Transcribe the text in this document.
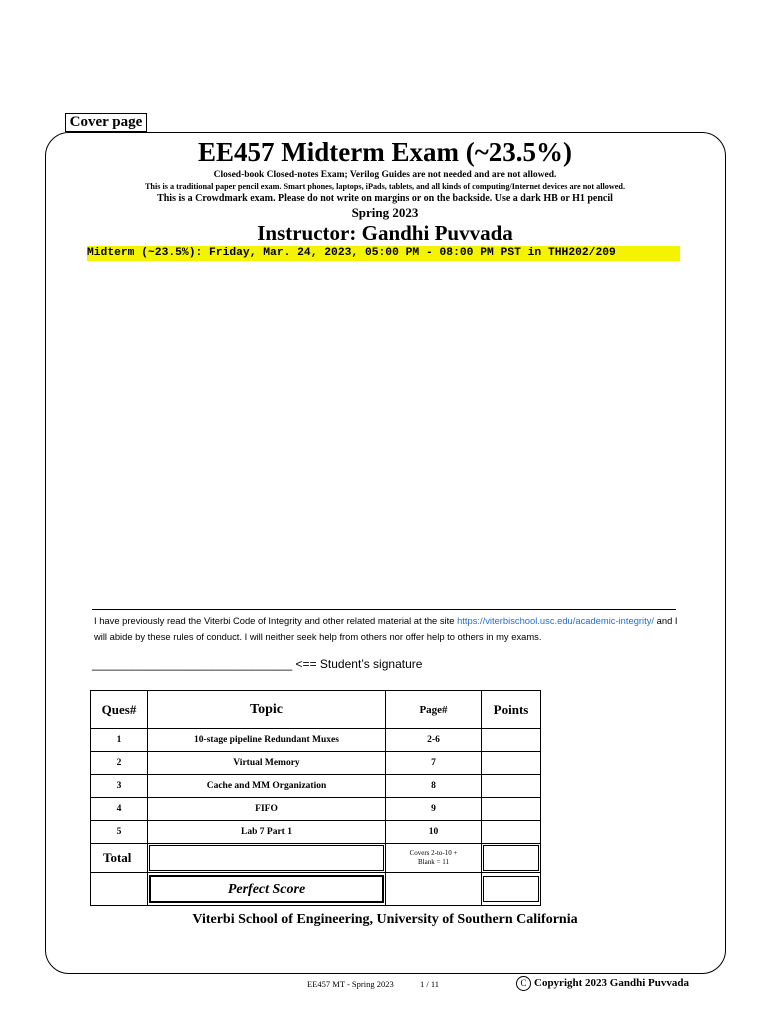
Cover page
EE457 Midterm Exam (~23.5%)
Closed-book Closed-notes Exam; Verilog Guides are not needed and are not allowed.
This is a traditional paper pencil exam. Smart phones, laptops, iPads, tablets, and all kinds of computing/Internet devices are not allowed.
This is a Crowdmark exam. Please do not write on margins or on the backside. Use a dark HB or H1 pencil
Spring 2023
Instructor: Gandhi Puvvada
Midterm (~23.5%): Friday, Mar. 24, 2023, 05:00 PM - 08:00 PM PST in THH202/209
I have previously read the Viterbi Code of Integrity and other related material at the site https://viterbischool.usc.edu/academic-integrity/ and I will abide by these rules of conduct. I will neither seek help from others nor offer help to others in my exams.
______________________________ <== Student’s signature
Ques#	Topic	Page#	Points
1	10-stage pipeline Redundant Muxes	2-6	
2	Virtual Memory	7	
3	Cache and MM Organization	8	
4	FIFO	9	
5	Lab 7 Part 1	10	
Total		Covers 2-to-10 +
Blank = 11	

	Perfect Score		

Viterbi School of Engineering, University of Southern California
EE457 MT - Spring 2023	1 / 11	C Copyright 2023 Gandhi Puvvada
